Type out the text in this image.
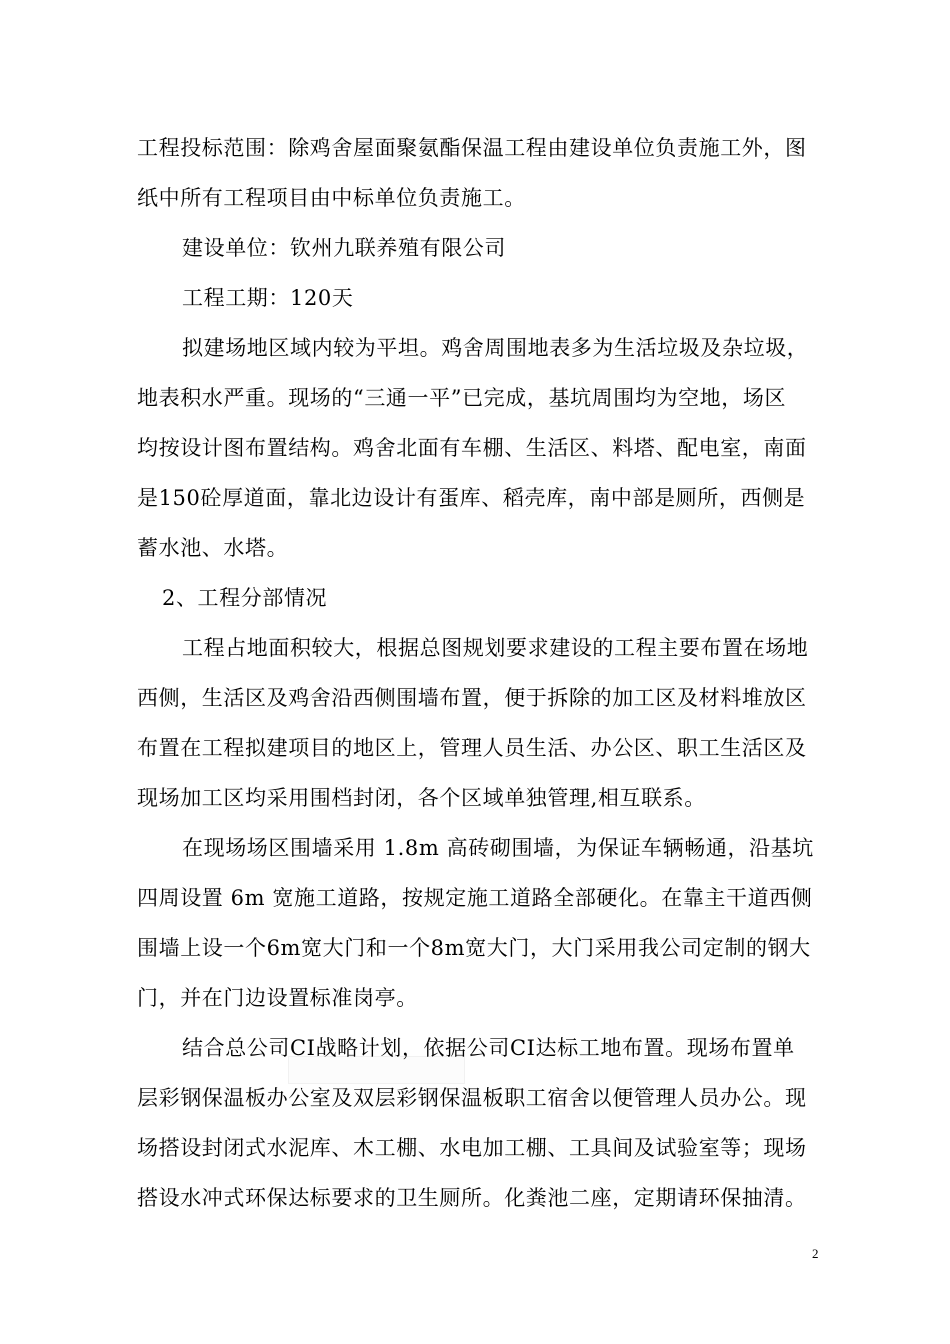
工程投标范围：除鸡舍屋面聚氨酯保温工程由建设单位负责施工外，图
纸中所有工程项目由中标单位负责施工。
建设单位：钦州九联养殖有限公司
工程工期：120天
拟建场地区域内较为平坦。鸡舍周围地表多为生活垃圾及杂垃圾，
地表积水严重。现场的“三通一平”已完成，基坑周围均为空地，场区
均按设计图布置结构。鸡舍北面有车棚、生活区、料塔、配电室，南面
是150砼厚道面，靠北边设计有蛋库、稻壳库，南中部是厕所，西侧是
蓄水池、水塔。
2、工程分部情况
工程占地面积较大，根据总图规划要求建设的工程主要布置在场地
西侧，生活区及鸡舍沿西侧围墙布置，便于拆除的加工区及材料堆放区
布置在工程拟建项目的地区上，管理人员生活、办公区、职工生活区及
现场加工区均采用围档封闭，各个区域单独管理,相互联系。
在现场场区围墙采用 1.8m 高砖砌围墙，为保证车辆畅通，沿基坑
四周设置 6m 宽施工道路，按规定施工道路全部硬化。在靠主干道西侧
围墙上设一个6m宽大门和一个8m宽大门，大门采用我公司定制的钢大
门，并在门边设置标准岗亭。
结合总公司CI战略计划，依据公司CI达标工地布置。现场布置单
层彩钢保温板办公室及双层彩钢保温板职工宿舍以便管理人员办公。现
场搭设封闭式水泥库、木工棚、水电加工棚、工具间及试验室等；现场
搭设水冲式环保达标要求的卫生厕所。化粪池二座，定期请环保抽清。
2
